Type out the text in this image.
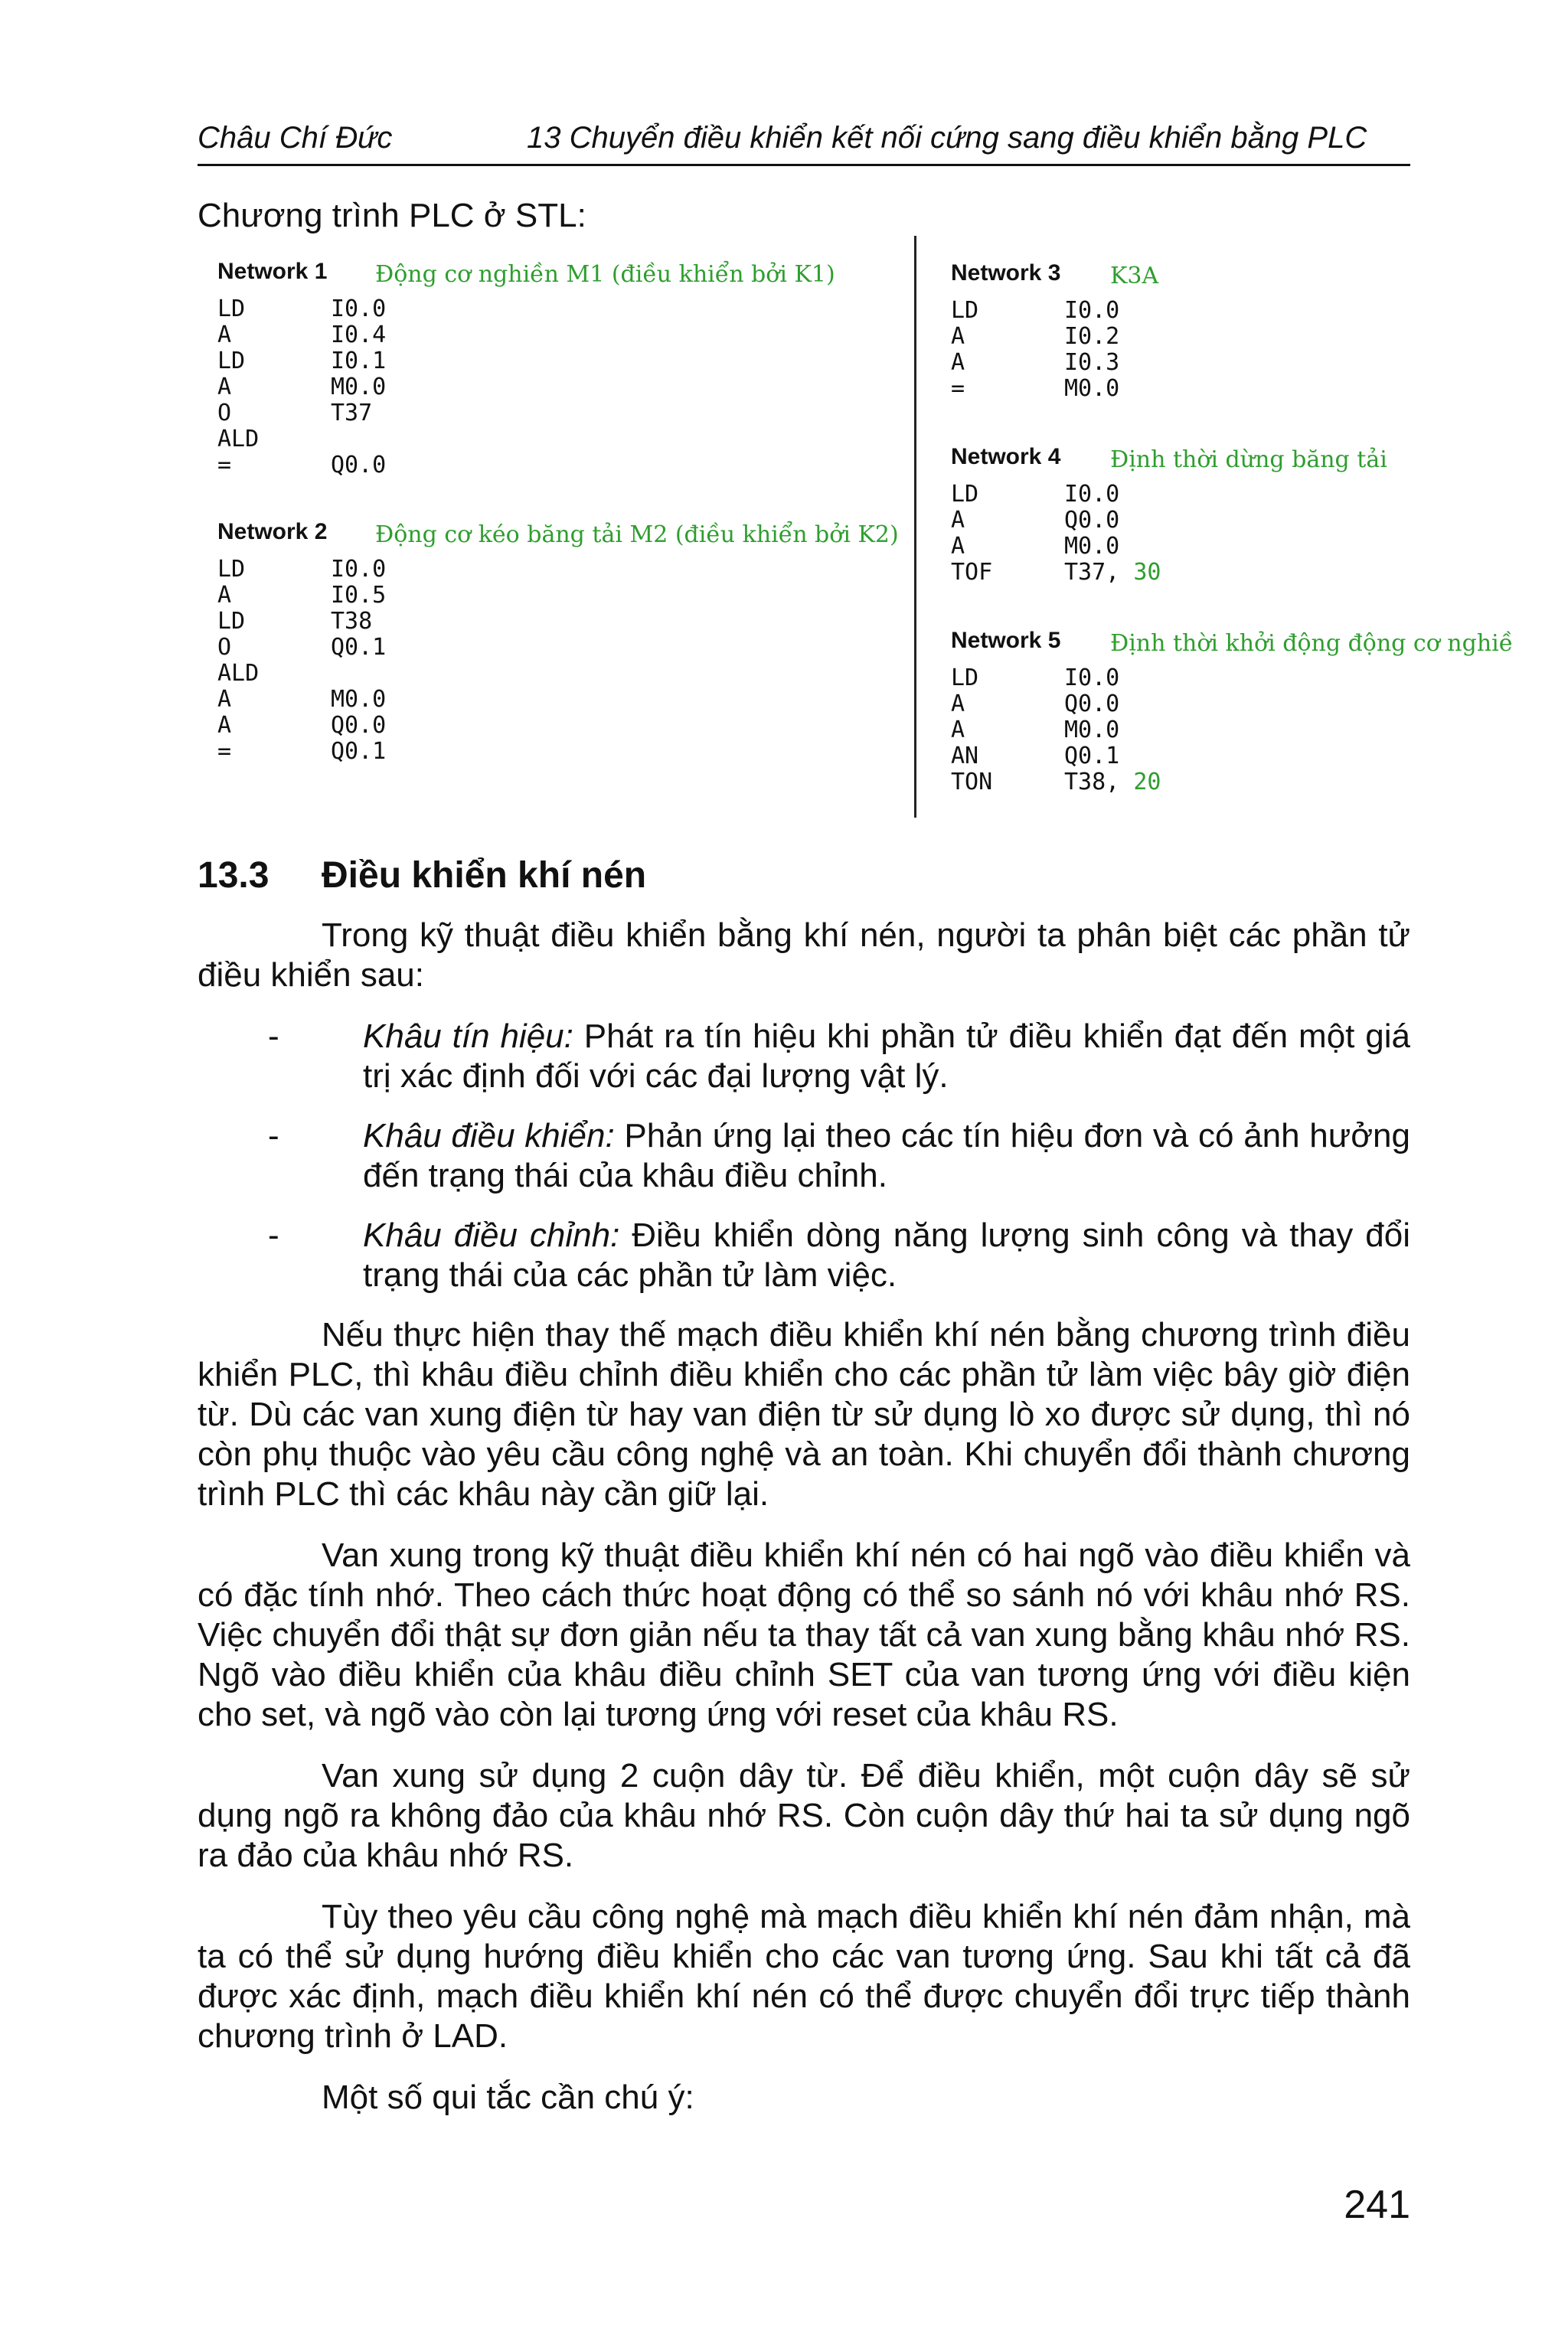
Châu Chí Đức	13 Chuyển điều khiển kết nối cứng sang điều khiển bằng PLC
Chương trình PLC ở STL:
Network 1 Động cơ nghiền M1 (điều khiển bởi K1)
LD	I0.0
A	I0.4
LD	I0.1
A	M0.0
O	T37
ALD
=	Q0.0
Network 2 Động cơ kéo băng tải M2 (điều khiển bởi K2)
LD	I0.0
A	I0.5
LD	T38
O	Q0.1
ALD
A	M0.0
A	Q0.0
=	Q0.1
Network 3 K3A
LD	I0.0
A	I0.2
A	I0.3
=	M0.0
Network 4 Định thời dừng băng tải
LD	I0.0
A	Q0.0
A	M0.0
TOF	T37, 30
Network 5 Định thời khởi động động cơ nghiề
LD	I0.0
A	Q0.0
A	M0.0
AN	Q0.1
TON	T38, 20
13.3 Điều khiển khí nén

Trong kỹ thuật điều khiển bằng khí nén, người ta phân biệt các phần tử điều khiển sau:

- Khâu tín hiệu: Phát ra tín hiệu khi phần tử điều khiển đạt đến một giá trị xác định đối với các đại lượng vật lý.
- Khâu điều khiển: Phản ứng lại theo các tín hiệu đơn và có ảnh hưởng đến trạng thái của khâu điều chỉnh.
- Khâu điều chỉnh: Điều khiển dòng năng lượng sinh công và thay đổi trạng thái của các phần tử làm việc.

Nếu thực hiện thay thế mạch điều khiển khí nén bằng chương trình điều khiển PLC, thì khâu điều chỉnh điều khiển cho các phần tử làm việc bây giờ điện từ. Dù các van xung điện từ hay van điện từ sử dụng lò xo được sử dụng, thì nó còn phụ thuộc vào yêu cầu công nghệ và an toàn. Khi chuyển đổi thành chương trình PLC thì các khâu này cần giữ lại.

Van xung trong kỹ thuật điều khiển khí nén có hai ngõ vào điều khiển và có đặc tính nhớ. Theo cách thức hoạt động có thể so sánh nó với khâu nhớ RS. Việc chuyển đổi thật sự đơn giản nếu ta thay tất cả van xung bằng khâu nhớ RS. Ngõ vào điều khiển của khâu điều chỉnh SET của van tương ứng với điều kiện cho set, và ngõ vào còn lại tương ứng với reset của khâu RS.

Van xung sử dụng 2 cuộn dây từ. Để điều khiển, một cuộn dây sẽ sử dụng ngõ ra không đảo của khâu nhớ RS. Còn cuộn dây thứ hai ta sử dụng ngõ ra đảo của khâu nhớ RS.

Tùy theo yêu cầu công nghệ mà mạch điều khiển khí nén đảm nhận, mà ta có thể sử dụng hướng điều khiển cho các van tương ứng. Sau khi tất cả đã được xác định, mạch điều khiển khí nén có thể được chuyển đổi trực tiếp thành chương trình ở LAD.

Một số qui tắc cần chú ý:

241
